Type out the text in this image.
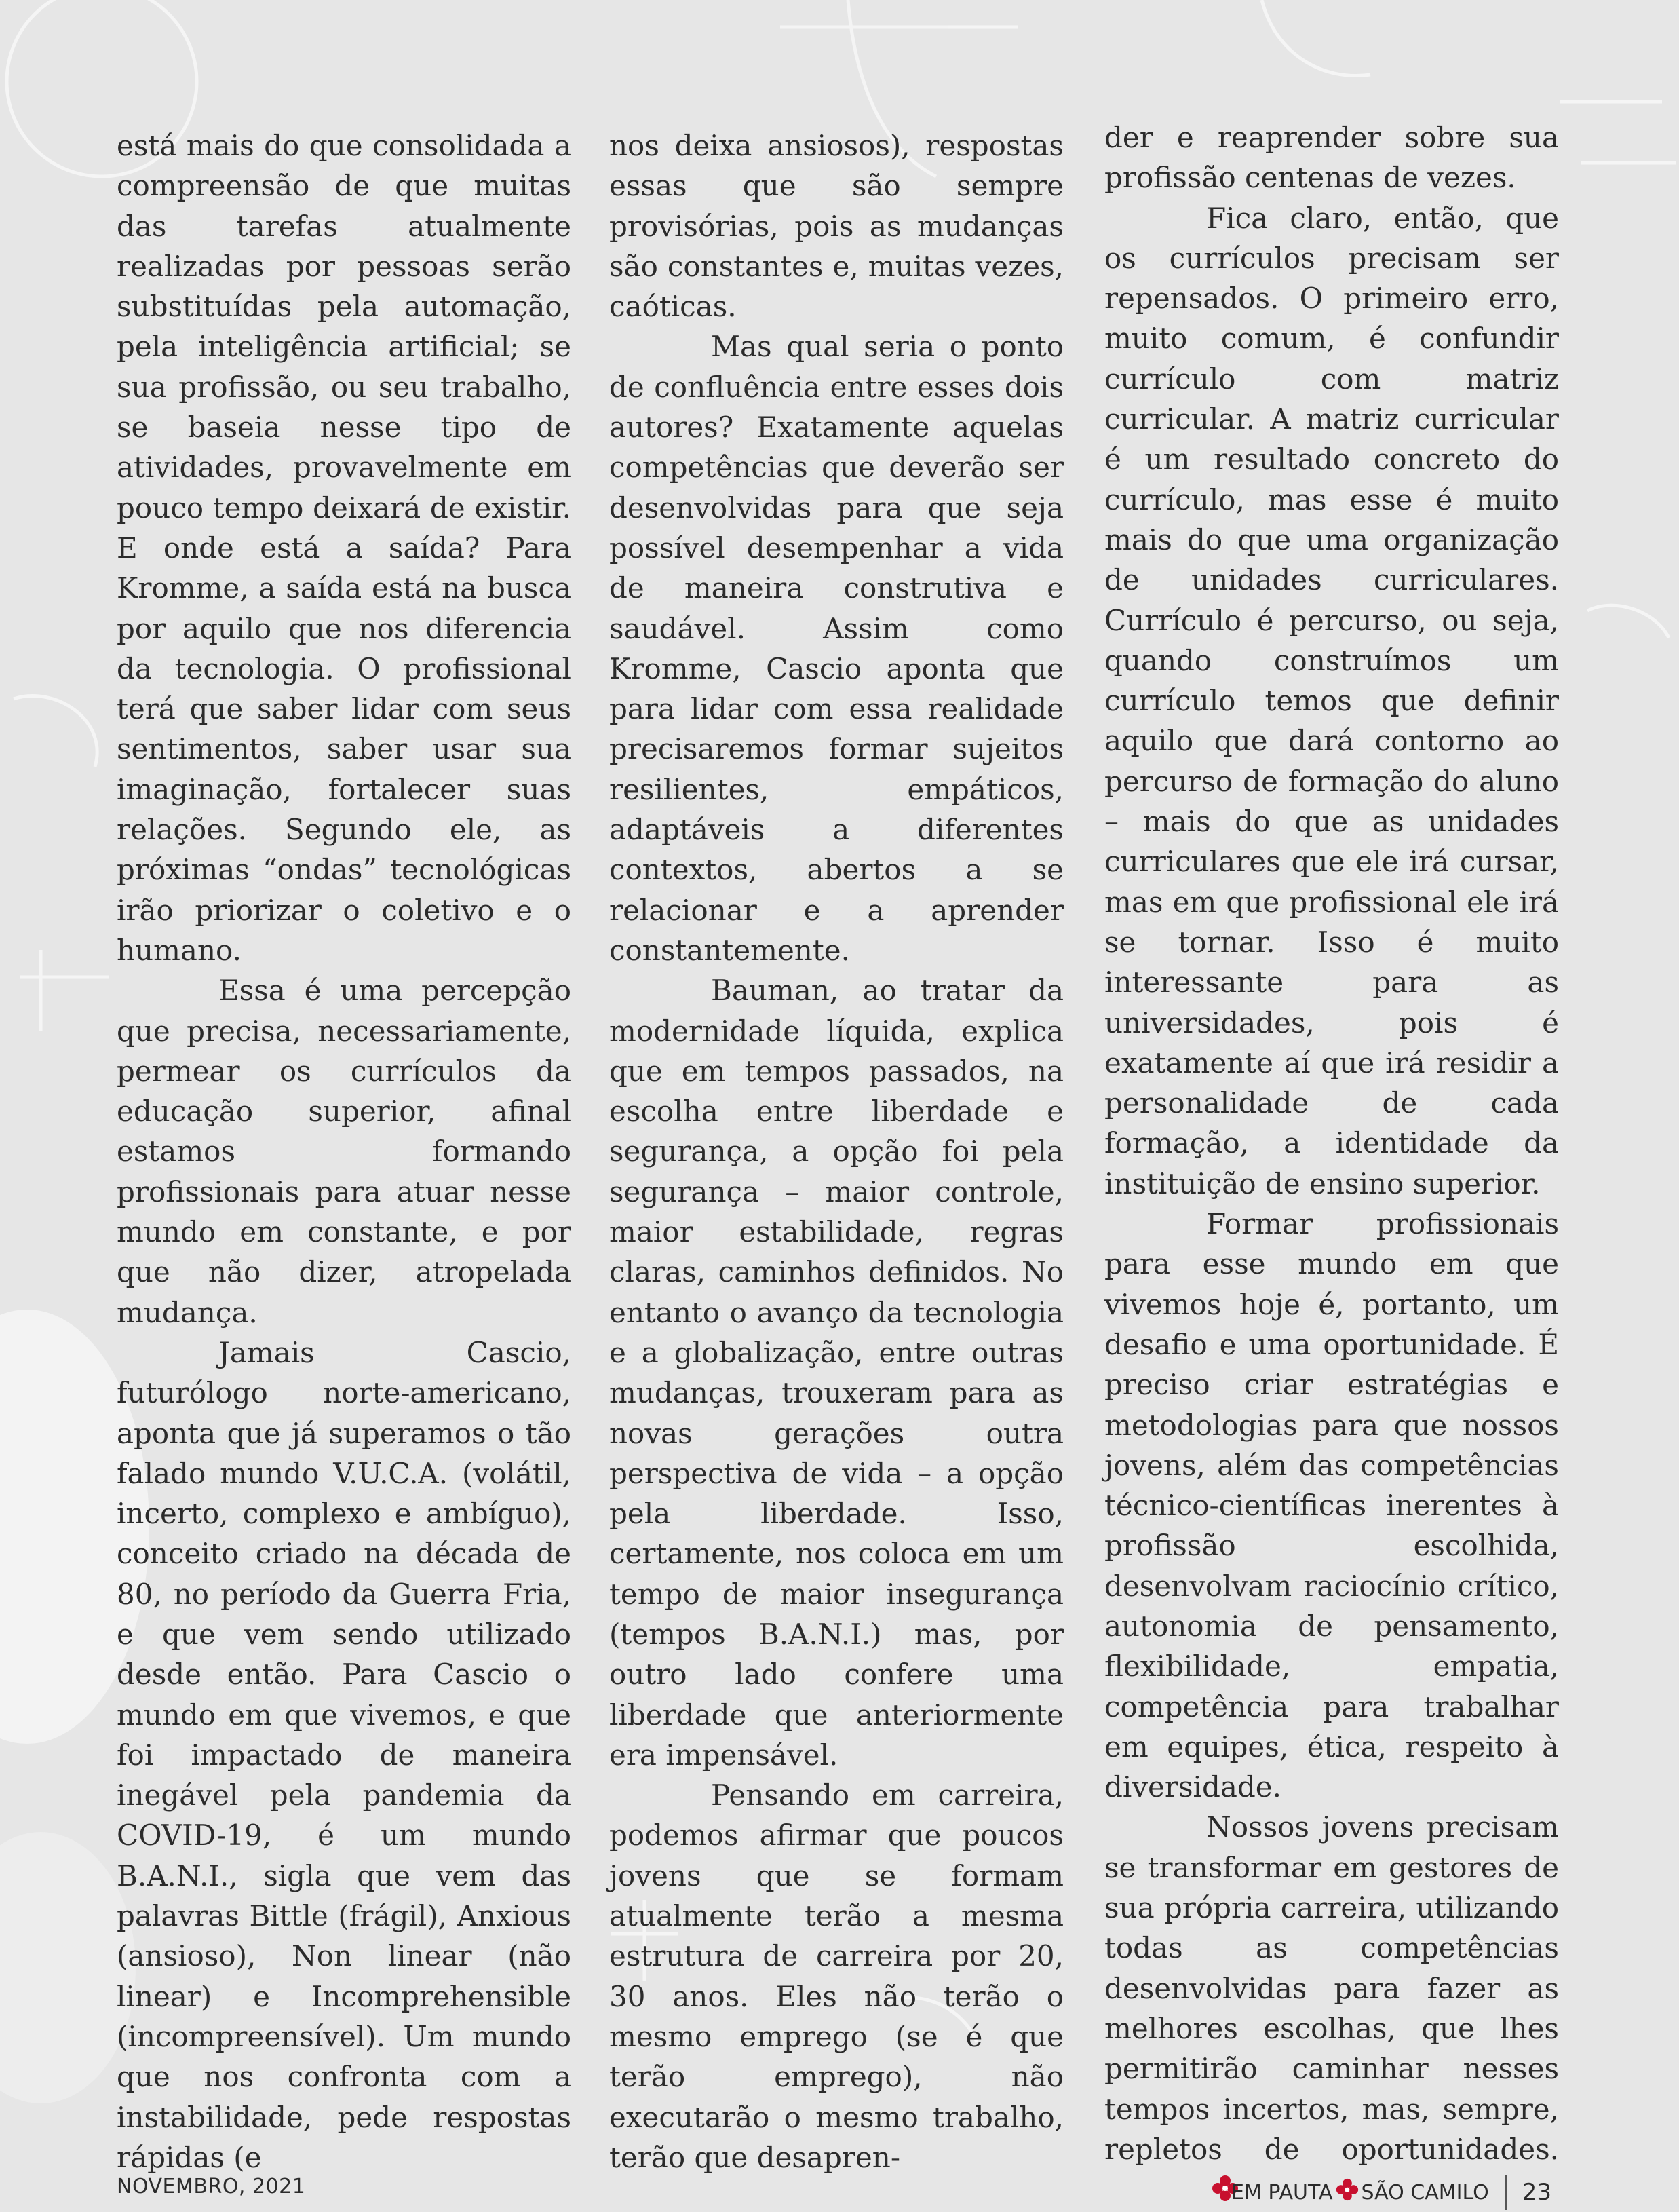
está mais do que consolidada a compreensão de que muitas das tarefas atualmente realizadas por pessoas serão substituídas pela automação, pela inteligência artificial; se sua profissão, ou seu trabalho, se baseia nesse tipo de atividades, provavelmente em pouco tempo deixará de existir. E onde está a saída? Para Kromme, a saída está na busca por aquilo que nos diferencia da tecnologia. O profissional terá que saber lidar com seus sentimentos, saber usar sua imaginação, fortalecer suas relações. Segundo ele, as próximas “ondas” tecnológicas irão priorizar o coletivo e o humano.

Essa é uma percepção que precisa, necessariamente, permear os currículos da educação superior, afinal estamos formando profissionais para atuar nesse mundo em constante, e por que não dizer, atropelada mudança.

Jamais Cascio, futurólogo norte-americano, aponta que já superamos o tão falado mundo V.U.C.A. (volátil, incerto, complexo e ambíguo), conceito criado na década de 80, no período da Guerra Fria, e que vem sendo utilizado desde então. Para Cascio o mundo em que vivemos, e que foi impactado de maneira inegável pela pandemia da COVID-19, é um mundo B.A.N.I., sigla que vem das palavras Bittle (frágil), Anxious (ansioso), Non linear (não linear) e Incomprehensible (incompreensível). Um mundo que nos confronta com a instabilidade, pede respostas rápidas (e

nos deixa ansiosos), respostas essas que são sempre provisórias, pois as mudanças são constantes e, muitas vezes, caóticas.

Mas qual seria o ponto de confluência entre esses dois autores? Exatamente aquelas competências que deverão ser desenvolvidas para que seja possível desempenhar a vida de maneira construtiva e saudável. Assim como Kromme, Cascio aponta que para lidar com essa realidade precisaremos formar sujeitos resilientes, empáticos, adaptáveis a diferentes contextos, abertos a se relacionar e a aprender constantemente.

Bauman, ao tratar da modernidade líquida, explica que em tempos passados, na escolha entre liberdade e segurança, a opção foi pela segurança – maior controle, maior estabilidade, regras claras, caminhos definidos. No entanto o avanço da tecnologia e a globalização, entre outras mudanças, trouxeram para as novas gerações outra perspectiva de vida – a opção pela liberdade. Isso, certamente, nos coloca em um tempo de maior insegurança (tempos B.A.N.I.) mas, por outro lado confere uma liberdade que anteriormente era impensável.

Pensando em carreira, podemos afirmar que poucos jovens que se formam atualmente terão a mesma estrutura de carreira por 20, 30 anos. Eles não terão o mesmo emprego (se é que terão emprego), não executarão o mesmo trabalho, terão que desapren-

der e reaprender sobre sua profissão centenas de vezes.

Fica claro, então, que os currículos precisam ser repensados. O primeiro erro, muito comum, é confundir currículo com matriz curricular. A matriz curricular é um resultado concreto do currículo, mas esse é muito mais do que uma organização de unidades curriculares. Currículo é percurso, ou seja, quando construímos um currículo temos que definir aquilo que dará contorno ao percurso de formação do aluno – mais do que as unidades curriculares que ele irá cursar, mas em que profissional ele irá se tornar. Isso é muito interessante para as universidades, pois é exatamente aí que irá residir a personalidade de cada formação, a identidade da instituição de ensino superior.

Formar profissionais para esse mundo em que vivemos hoje é, portanto, um desafio e uma oportunidade. É preciso criar estratégias e metodologias para que nossos jovens, além das competências técnico-científicas inerentes à profissão escolhida, desenvolvam raciocínio crítico, autonomia de pensamento, flexibilidade, empatia, competência para trabalhar em equipes, ética, respeito à diversidade.

Nossos jovens precisam se transformar em gestores de sua própria carreira, utilizando todas as competências desenvolvidas para fazer as melhores escolhas, que lhes permitirão caminhar nesses tempos incertos, mas, sempre, repletos de oportunidades.

NOVEMBRO, 2021	EM PAUTA SÃO CAMILO 23
